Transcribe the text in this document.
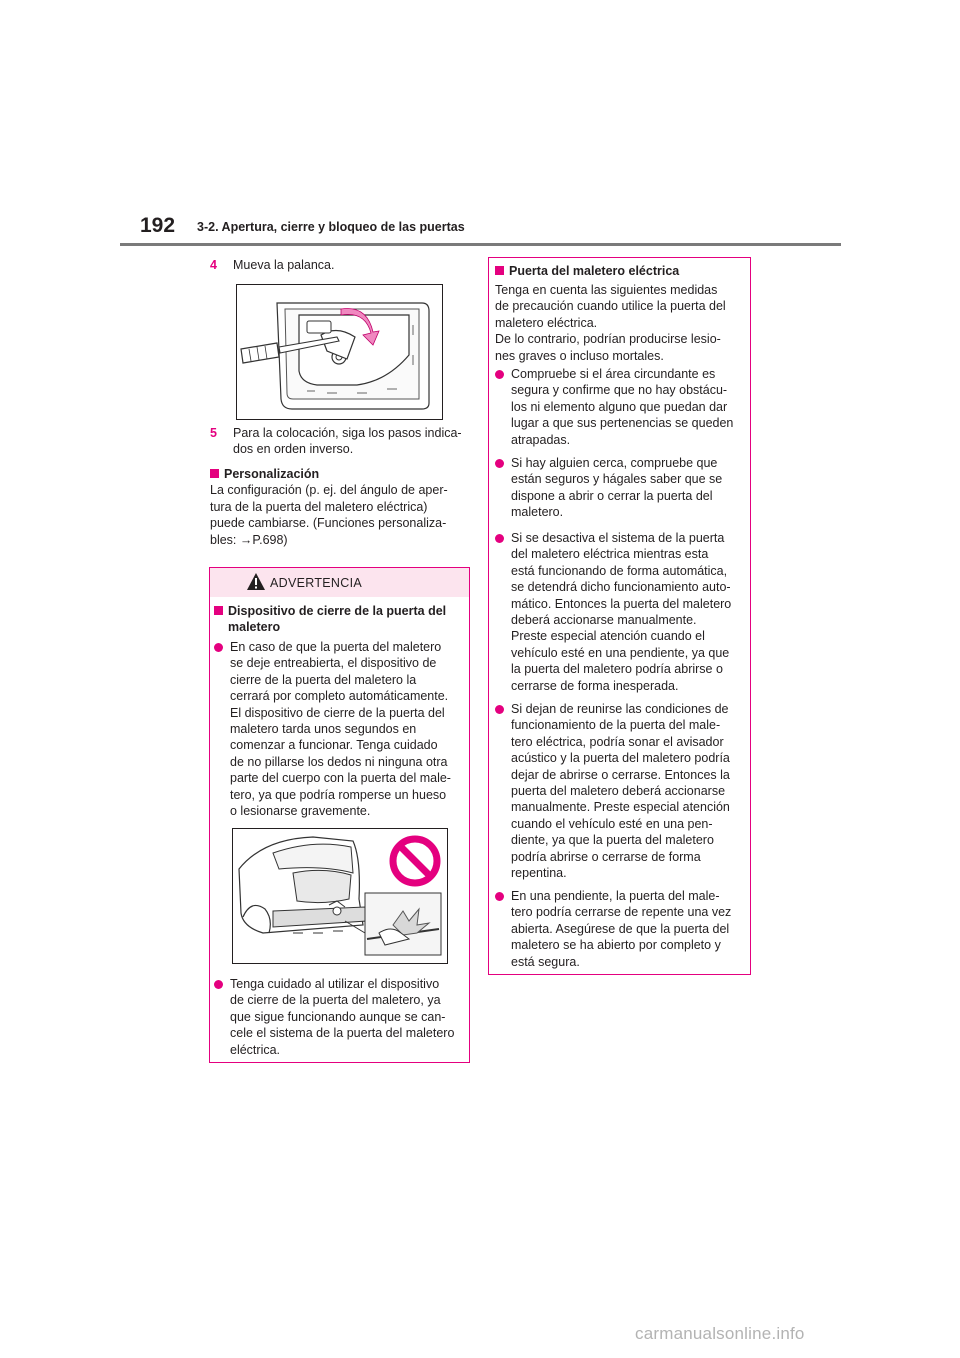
192 3-2. Apertura, cierre y bloqueo de las puertas
4 Mueva la palanca.
5 Para la colocación, siga los pasos indica-
dos en orden inverso.
Personalización
La configuración (p. ej. del ángulo de aper-
tura de la puerta del maletero eléctrica)
puede cambiarse. (Funciones personaliza-
bles: →P.698)
ADVERTENCIA
Dispositivo de cierre de la puerta del
maletero
En caso de que la puerta del maletero
se deje entreabierta, el dispositivo de
cierre de la puerta del maletero la
cerrará por completo automáticamente.
El dispositivo de cierre de la puerta del
maletero tarda unos segundos en
comenzar a funcionar. Tenga cuidado
de no pillarse los dedos ni ninguna otra
parte del cuerpo con la puerta del male-
tero, ya que podría romperse un hueso
o lesionarse gravemente.
Tenga cuidado al utilizar el dispositivo
de cierre de la puerta del maletero, ya
que sigue funcionando aunque se can-
cele el sistema de la puerta del maletero
eléctrica.
Puerta del maletero eléctrica
Tenga en cuenta las siguientes medidas
de precaución cuando utilice la puerta del
maletero eléctrica.
De lo contrario, podrían producirse lesio-
nes graves o incluso mortales.
Compruebe si el área circundante es
segura y confirme que no hay obstácu-
los ni elemento alguno que puedan dar
lugar a que sus pertenencias se queden
atrapadas.
Si hay alguien cerca, compruebe que
están seguros y hágales saber que se
dispone a abrir o cerrar la puerta del
maletero.
Si se desactiva el sistema de la puerta
del maletero eléctrica mientras esta
está funcionando de forma automática,
se detendrá dicho funcionamiento auto-
mático. Entonces la puerta del maletero
deberá accionarse manualmente.
Preste especial atención cuando el
vehículo esté en una pendiente, ya que
la puerta del maletero podría abrirse o
cerrarse de forma inesperada.
Si dejan de reunirse las condiciones de
funcionamiento de la puerta del male-
tero eléctrica, podría sonar el avisador
acústico y la puerta del maletero podría
dejar de abrirse o cerrarse. Entonces la
puerta del maletero deberá accionarse
manualmente. Preste especial atención
cuando el vehículo esté en una pen-
diente, ya que la puerta del maletero
podría abrirse o cerrarse de forma
repentina.
En una pendiente, la puerta del male-
tero podría cerrarse de repente una vez
abierta. Asegúrese de que la puerta del
maletero se ha abierto por completo y
está segura.
carmanualsonline.info
